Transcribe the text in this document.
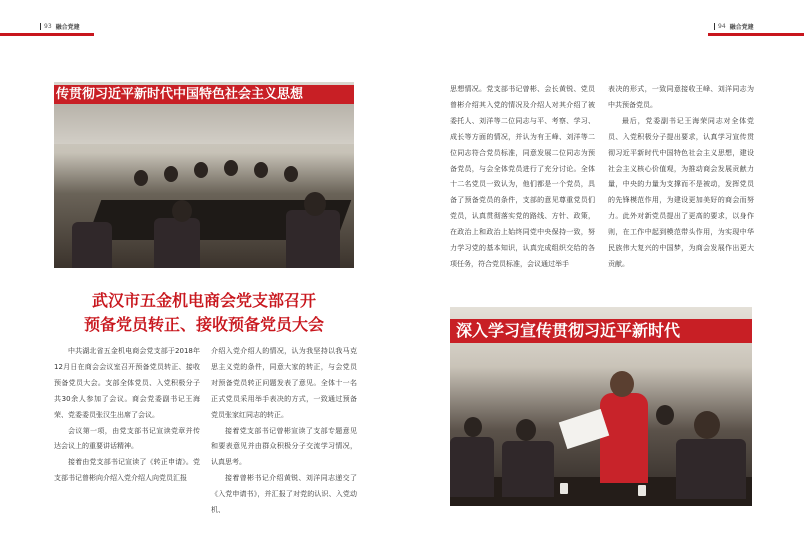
93 融合党建	94 融合党建
传贯彻习近平新时代中国特色社会主义思想
武汉市五金机电商会党支部召开
预备党员转正、接收预备党员大会

中共湖北省五金机电商会党支部于2018年12月日在商会会议室召开预备党员转正、接收预备党员大会。支部全体党员、入党积极分子共30余人参加了会议。商会党委副书记王海荣、党委委员张汉生出席了会议。

会议第一项，由党支部书记宣读党章并传达会议上的重要讲话精神。

接着由党支部书记宣读了《转正申请》。党支部书记曾彬向介绍入党介绍人向党员汇报

介绍入党介绍人的情况，认为我坚持以我马克思主义党的条件，同意大家的转正，与会党员对预备党员转正问题发表了意见。全体十一名正式党员采用举手表决的方式，一致通过预备党员张家红同志的转正。

接着党支部书记曾彬宣读了支部专题意见和要表意见并由群众积极分子交流学习情况，认真思考。

接着曾彬书记介绍黄锐、刘洋同志递交了《入党申请书》，并汇报了对党的认识、入党动机、

思想情况。党支部书记曾彬、会长黄锐、党员曾彬介绍其入党的情况及介绍人对其介绍了被委托人、刘洋等二位同志与平、考察、学习、成长等方面的情况，并认为有王峰、刘洋等二位同志符合党员标准，同意发展二位同志为预备党员，与会全体党员进行了充分讨论。全体十二名党员一致认为，他们都是一个党员，具备了预备党员的条件，支部的意见尊重党员们党员，认真贯彻落实党的路线、方针、政策，在政治上和政治上始终同党中央保持一致，努力学习党的基本知识，认真完成组织交给的各项任务，符合党员标准，会议通过举手

表决的形式，一致同意接收王峰、刘洋同志为中共预备党员。

最后，党委副书记王海荣同志对全体党员、入党积极分子提出要求，认真学习宣传贯彻习近平新时代中国特色社会主义思想，建设社会主义核心价值观，为推动商会发展贡献力量，中央的力量为支撑而不是被动，发挥党员的先锋模范作用，为建设更加美好的商会而努力。此外对新党员提出了更高的要求，以身作则，在工作中起到模范带头作用，为实现中华民族伟大复兴的中国梦，为商会发展作出更大贡献。

深入学习宣传贯彻习近平新时代
